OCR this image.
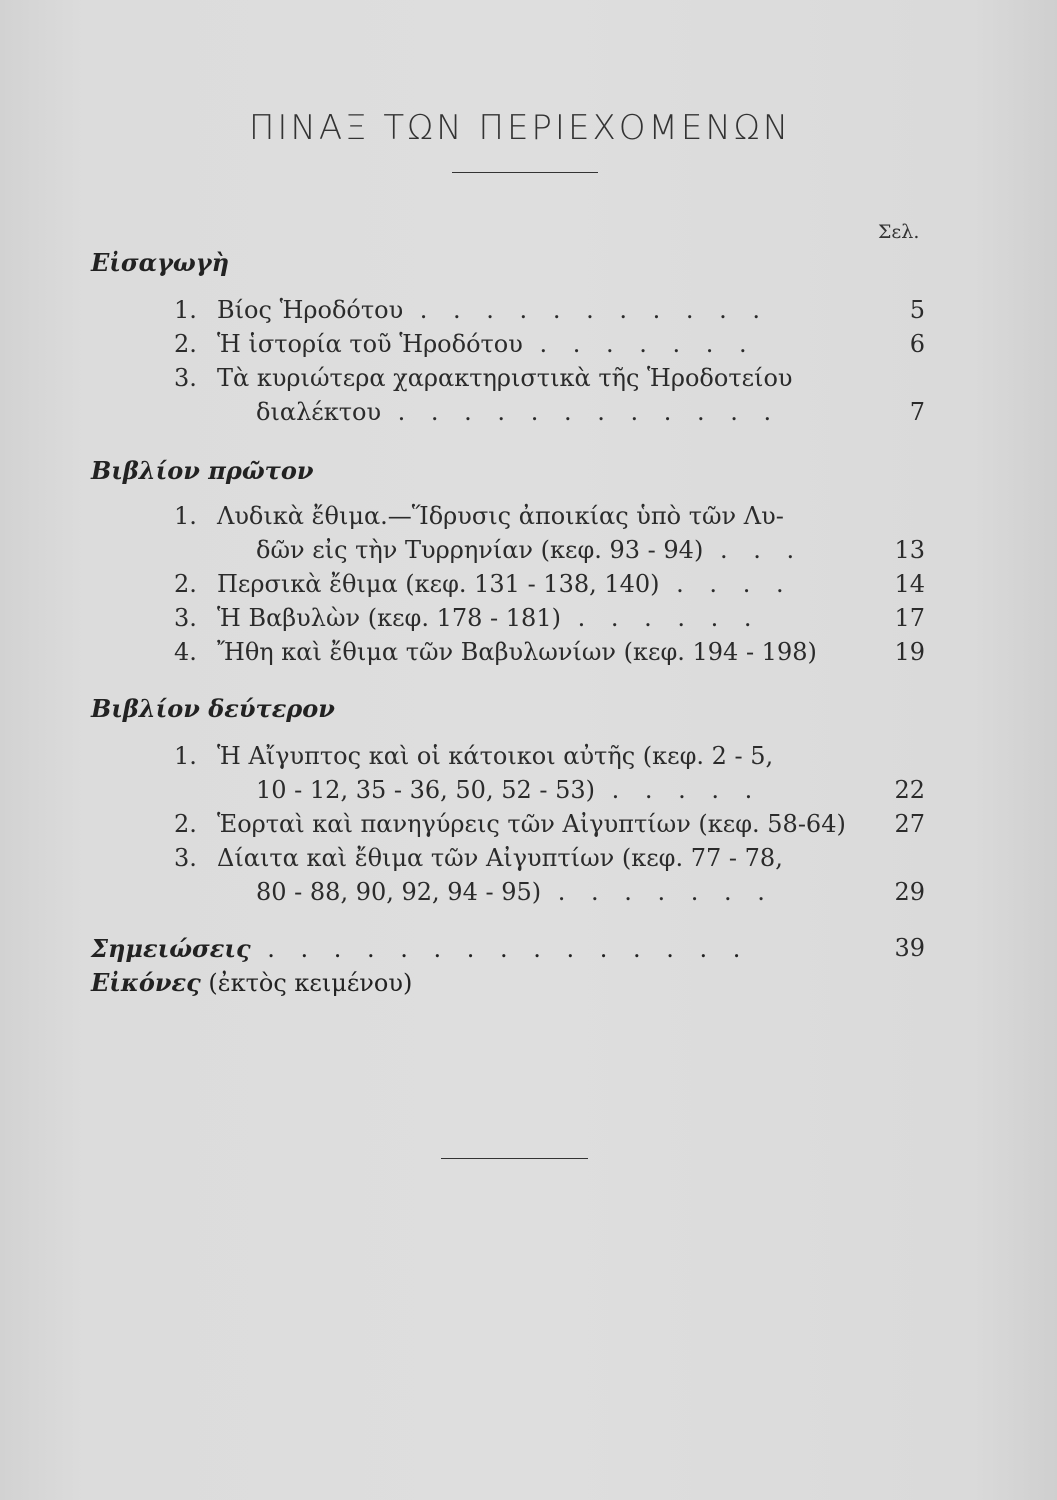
ΠΙΝΑΞ ΤΩΝ ΠΕΡΙΕΧΟΜΕΝΩΝ
Σελ.
Εἰσαγωγὴ
1. Βίος Ἡροδότου . . . . . . . . . . .	5
2. Ἡ ἱστορία τοῦ Ἡροδότου . . . . . . .	6
3. Τὰ κυριώτερα χαρακτηριστικὰ τῆς Ἡροδοτείου
διαλέκτου . . . . . . . . . . . .	7
Βιβλίον πρῶτον
1. Λυδικὰ ἔθιμα.—Ἵδρυσις ἀποικίας ὑπὸ τῶν Λυ-
δῶν εἰς τὴν Τυρρηνίαν (κεφ. 93 - 94) . . .	13
2. Περσικὰ ἔθιμα (κεφ. 131 - 138, 140) . . . .	14
3. Ἡ Βαβυλὼν (κεφ. 178 - 181) . . . . . .	17
4. Ἤθη καὶ ἔθιμα τῶν Βαβυλωνίων (κεφ. 194 - 198)	19
Βιβλίον δεύτερον
1. Ἡ Αἴγυπτος καὶ οἱ κάτοικοι αὐτῆς (κεφ. 2 - 5,
10 - 12, 35 - 36, 50, 52 - 53) . . . . .	22
2. Ἑορταὶ καὶ πανηγύρεις τῶν Αἰγυπτίων (κεφ. 58-64)	27
3. Δίαιτα καὶ ἔθιμα τῶν Αἰγυπτίων (κεφ. 77 - 78,
80 - 88, 90, 92, 94 - 95) . . . . . . .	29
Σημειώσεις . . . . . . . . . . . . . . .	39
Εἰκόνες (ἐκτὸς κειμένου)
